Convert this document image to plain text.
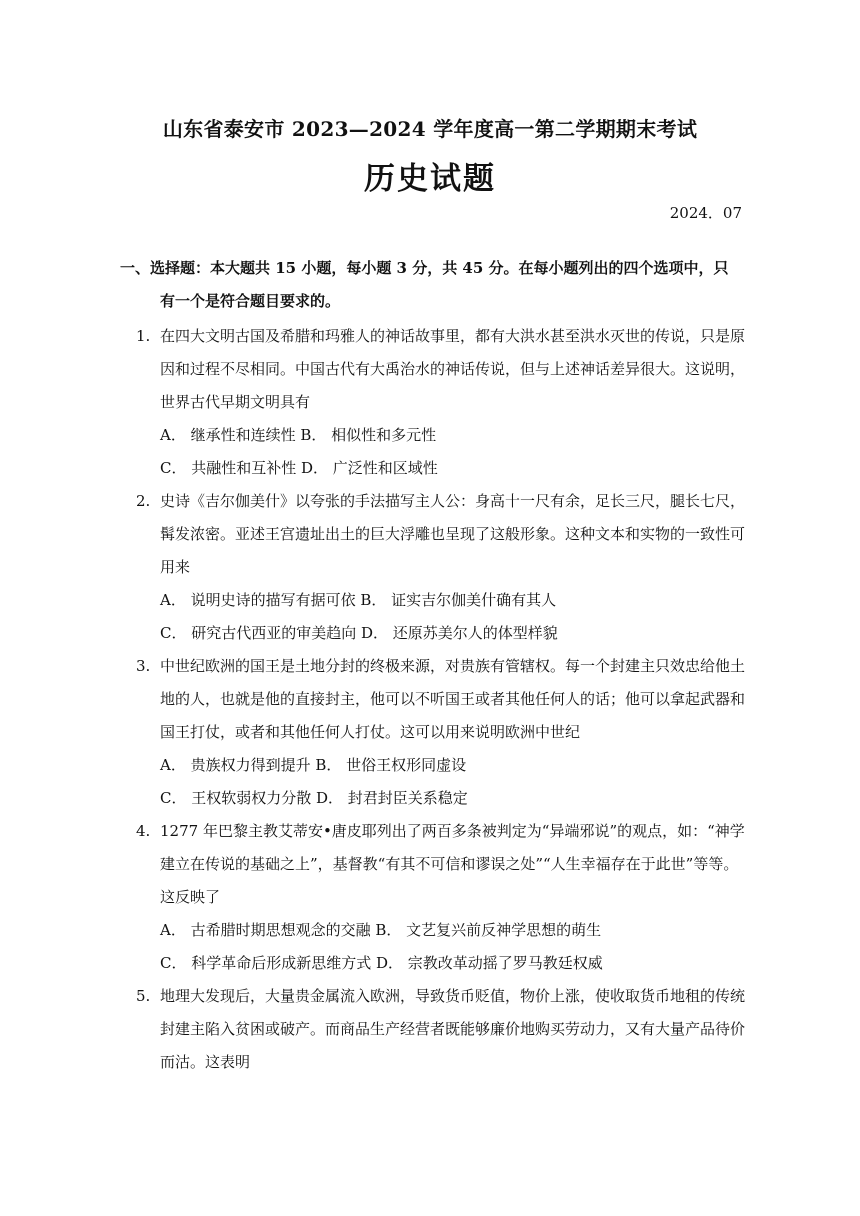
山东省泰安市 2023—2024 学年度高一第二学期期末考试
历史试题
2024．07
一、选择题：本大题共 15 小题，每小题 3 分，共 45 分。在每小题列出的四个选项中，只
有一个是符合题目要求的。
1. 在四大文明古国及希腊和玛雅人的神话故事里，都有大洪水甚至洪水灭世的传说，只是原因和过程不尽相同。中国古代有大禹治水的神话传说，但与上述神话差异很大。这说明，世界古代早期文明具有
A． 继承性和连续性 B． 相似性和多元性
C． 共融性和互补性 D． 广泛性和区域性
2. 史诗《吉尔伽美什》以夸张的手法描写主人公：身高十一尺有余，足长三尺，腿长七尺，髯发浓密。亚述王宫遗址出土的巨大浮雕也呈现了这般形象。这种文本和实物的一致性可用来
A． 说明史诗的描写有据可依 B． 证实吉尔伽美什确有其人
C． 研究古代西亚的审美趋向 D． 还原苏美尔人的体型样貌
3. 中世纪欧洲的国王是土地分封的终极来源，对贵族有管辖权。每一个封建主只效忠给他土地的人，也就是他的直接封主，他可以不听国王或者其他任何人的话；他可以拿起武器和国王打仗，或者和其他任何人打仗。这可以用来说明欧洲中世纪
A． 贵族权力得到提升 B． 世俗王权形同虚设
C． 王权软弱权力分散 D． 封君封臣关系稳定
4. 1277 年巴黎主教艾蒂安•唐皮耶列出了两百多条被判定为“异端邪说”的观点，如：“神学建立在传说的基础之上”，基督教“有其不可信和谬误之处”“人生幸福存在于此世”等等。这反映了
A． 古希腊时期思想观念的交融 B． 文艺复兴前反神学思想的萌生
C． 科学革命后形成新思维方式 D． 宗教改革动摇了罗马教廷权威
5. 地理大发现后，大量贵金属流入欧洲，导致货币贬值，物价上涨，使收取货币地租的传统封建主陷入贫困或破产。而商品生产经营者既能够廉价地购买劳动力，又有大量产品待价而沽。这表明
